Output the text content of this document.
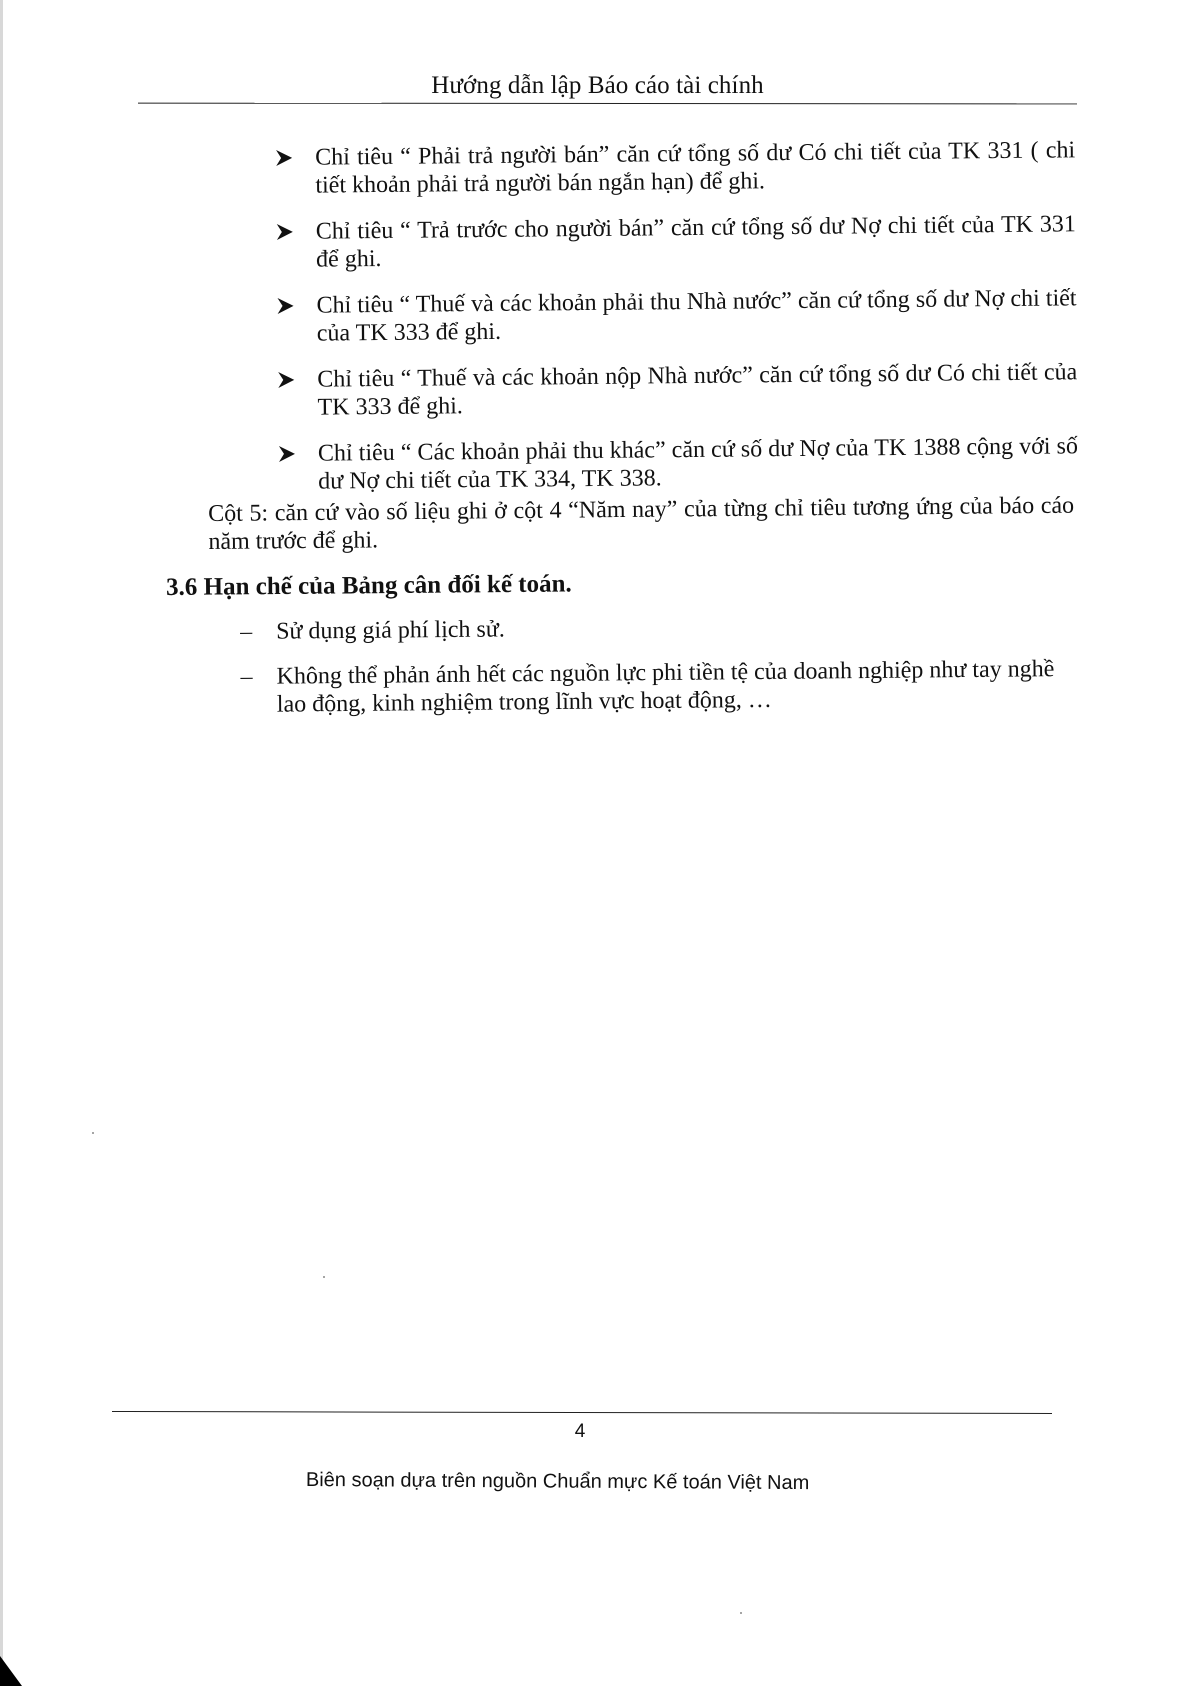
Hướng dẫn lập Báo cáo tài chính
Chỉ tiêu “ Phải trả người bán” căn cứ tổng số dư Có chi tiết của TK 331 ( chi tiết khoản phải trả người bán ngắn hạn) để ghi.
Chỉ tiêu “ Trả trước cho người bán” căn cứ tổng số dư Nợ chi tiết của TK 331 để ghi.
Chỉ tiêu “ Thuế và các khoản phải thu Nhà nước” căn cứ tổng số dư Nợ chi tiết của TK 333 để ghi.
Chỉ tiêu “ Thuế và các khoản nộp Nhà nước” căn cứ tổng số dư Có chi tiết của TK 333 để ghi.
Chỉ tiêu “ Các khoản phải thu khác” căn cứ số dư Nợ của TK 1388 cộng với số dư Nợ chi tiết của TK 334, TK 338.
Cột 5: căn cứ vào số liệu ghi ở cột 4 “Năm nay” của từng chỉ tiêu tương ứng của báo cáo năm trước để ghi.
3.6 Hạn chế của Bảng cân đối kế toán.
– Sử dụng giá phí lịch sử.
– Không thể phản ánh hết các nguồn lực phi tiền tệ của doanh nghiệp như tay nghề lao động, kinh nghiệm trong lĩnh vực hoạt động, …
4
Biên soạn dựa trên nguồn Chuẩn mực Kế toán Việt Nam
